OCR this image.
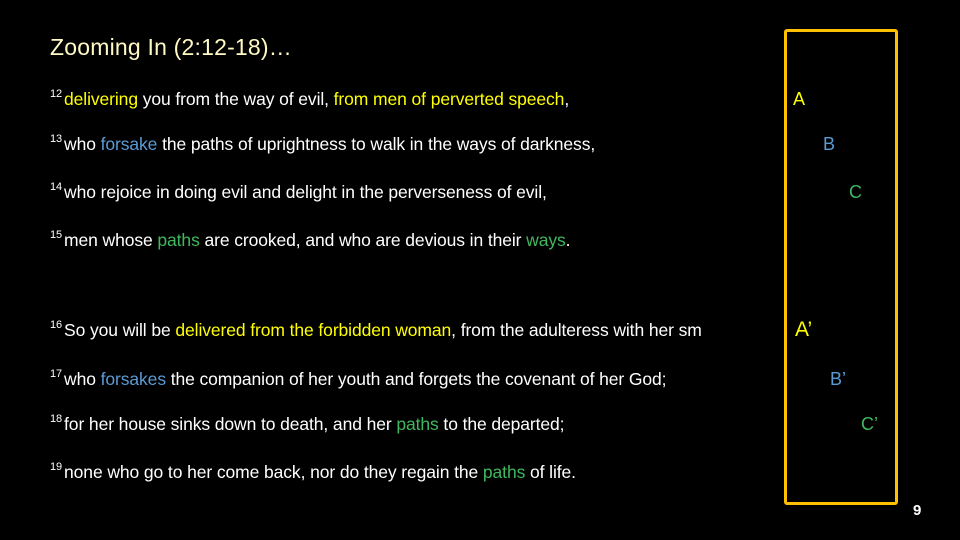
Zooming In (2:12-18)…
$^{12}$ delivering you from the way of evil, from men of perverted speech,
$^{13}$ who forsake the paths of uprightness to walk in the ways of darkness,
$^{14}$ who rejoice in doing evil and delight in the perverseness of evil,
$^{15}$ men whose paths are crooked, and who are devious in their ways.
$^{16}$ So you will be delivered from the forbidden woman, from the adulteress with her sm
$^{17}$ who forsakes the companion of her youth and forgets the covenant of her God;
$^{18}$ for her house sinks down to death, and her paths to the departed;
$^{19}$ none who go to her come back, nor do they regain the paths of life.
A
B
C
A’
B’
C’
9
